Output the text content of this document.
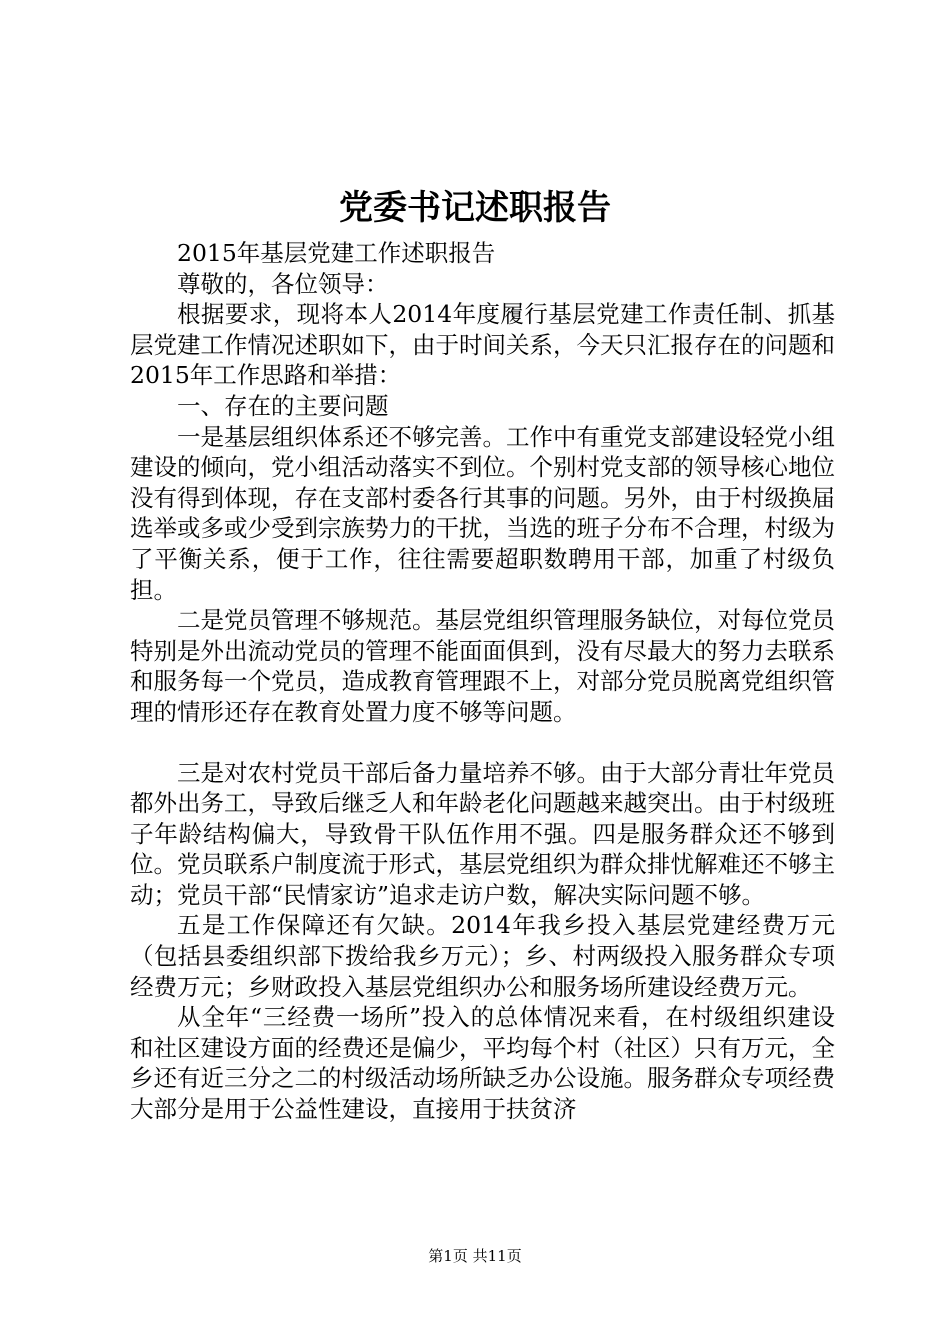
党委书记述职报告

2015年基层党建工作述职报告

尊敬的，各位领导：

根据要求，现将本人2014年度履行基层党建工作责任制、抓基层党建工作情况述职如下，由于时间关系，今天只汇报存在的问题和2015年工作思路和举措：

一、存在的主要问题

一是基层组织体系还不够完善。工作中有重党支部建设轻党小组建设的倾向，党小组活动落实不到位。个别村党支部的领导核心地位没有得到体现，存在支部村委各行其事的问题。另外，由于村级换届选举或多或少受到宗族势力的干扰，当选的班子分布不合理，村级为了平衡关系，便于工作，往往需要超职数聘用干部，加重了村级负担。

二是党员管理不够规范。基层党组织管理服务缺位，对每位党员特别是外出流动党员的管理不能面面俱到，没有尽最大的努力去联系和服务每一个党员，造成教育管理跟不上，对部分党员脱离党组织管理的情形还存在教育处置力度不够等问题。

三是对农村党员干部后备力量培养不够。由于大部分青壮年党员都外出务工，导致后继乏人和年龄老化问题越来越突出。由于村级班子年龄结构偏大，导致骨干队伍作用不强。四是服务群众还不够到位。党员联系户制度流于形式，基层党组织为群众排忧解难还不够主动；党员干部“民情家访”追求走访户数，解决实际问题不够。

五是工作保障还有欠缺。2014年我乡投入基层党建经费万元（包括县委组织部下拨给我乡万元）；乡、村两级投入服务群众专项经费万元；乡财政投入基层党组织办公和服务场所建设经费万元。

从全年“三经费一场所”投入的总体情况来看，在村级组织建设和社区建设方面的经费还是偏少，平均每个村（社区）只有万元，全乡还有近三分之二的村级活动场所缺乏办公设施。服务群众专项经费大部分是用于公益性建设，直接用于扶贫济

第1页 共11页
